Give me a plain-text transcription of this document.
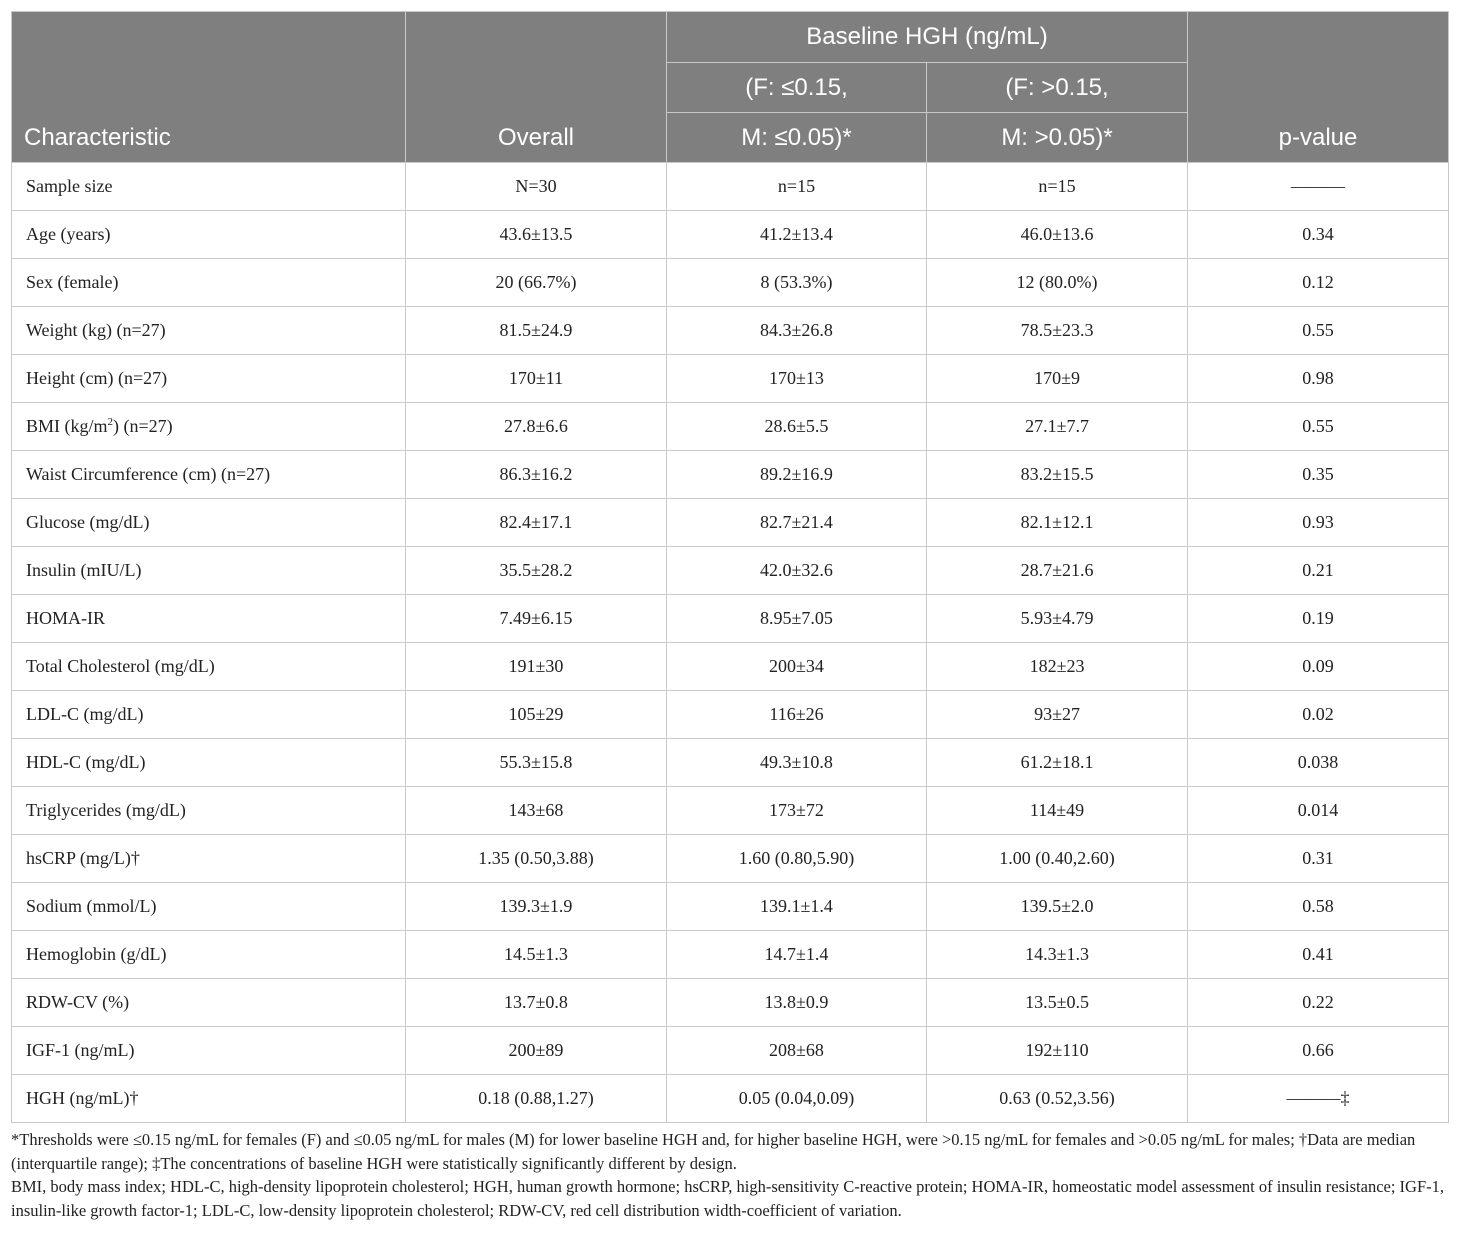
Characteristic	Overall	Baseline HGH (ng/mL)		p-value
		(F: ≤0.15,	(F: >0.15,	
		M: ≤0.05)*	M: >0.05)*	
Sample size	N=30	n=15	n=15	———
Age (years)	43.6±13.5	41.2±13.4	46.0±13.6	0.34
Sex (female)	20 (66.7%)	8 (53.3%)	12 (80.0%)	0.12
Weight (kg) (n=27)	81.5±24.9	84.3±26.8	78.5±23.3	0.55
Height (cm) (n=27)	170±11	170±13	170±9	0.98
BMI $(kg/m^2)$ (n=27)	27.8±6.6	28.6±5.5	27.1±7.7	0.55
Waist Circumference (cm) (n=27)	86.3±16.2	89.2±16.9	83.2±15.5	0.35
Glucose (mg/dL)	82.4±17.1	82.7±21.4	82.1±12.1	0.93
Insulin (mIU/L)	35.5±28.2	42.0±32.6	28.7±21.6	0.21
HOMA-IR	7.49±6.15	8.95±7.05	5.93±4.79	0.19
Total Cholesterol (mg/dL)	191±30	200±34	182±23	0.09
LDL-C (mg/dL)	105±29	116±26	93±27	0.02
HDL-C (mg/dL)	55.3±15.8	49.3±10.8	61.2±18.1	0.038
Triglycerides (mg/dL)	143±68	173±72	114±49	0.014
hsCRP (mg/L)†	1.35 (0.50,3.88)	1.60 (0.80,5.90)	1.00 (0.40,2.60)	0.31
Sodium (mmol/L)	139.3±1.9	139.1±1.4	139.5±2.0	0.58
Hemoglobin (g/dL)	14.5±1.3	14.7±1.4	14.3±1.3	0.41
RDW-CV (%)	13.7±0.8	13.8±0.9	13.5±0.5	0.22
IGF-1 (ng/mL)	200±89	208±68	192±110	0.66
HGH (ng/mL)†	0.18 (0.88,1.27)	0.05 (0.04,0.09)	0.63 (0.52,3.56)	———‡

*Thresholds were ≤0.15 ng/mL for females (F) and ≤0.05 ng/mL for males (M) for lower baseline HGH and, for higher baseline HGH, were >0.15 ng/mL for females and >0.05 ng/mL for males; †Data are median (interquartile range); ‡The concentrations of baseline HGH were statistically significantly different by design.

BMI, body mass index; HDL-C, high-density lipoprotein cholesterol; HGH, human growth hormone; hsCRP, high-sensitivity C-reactive protein; HOMA-IR, homeostatic model assessment of insulin resistance; IGF-1, insulin-like growth factor-1; LDL-C, low-density lipoprotein cholesterol; RDW-CV, red cell distribution width-coefficient of variation.
